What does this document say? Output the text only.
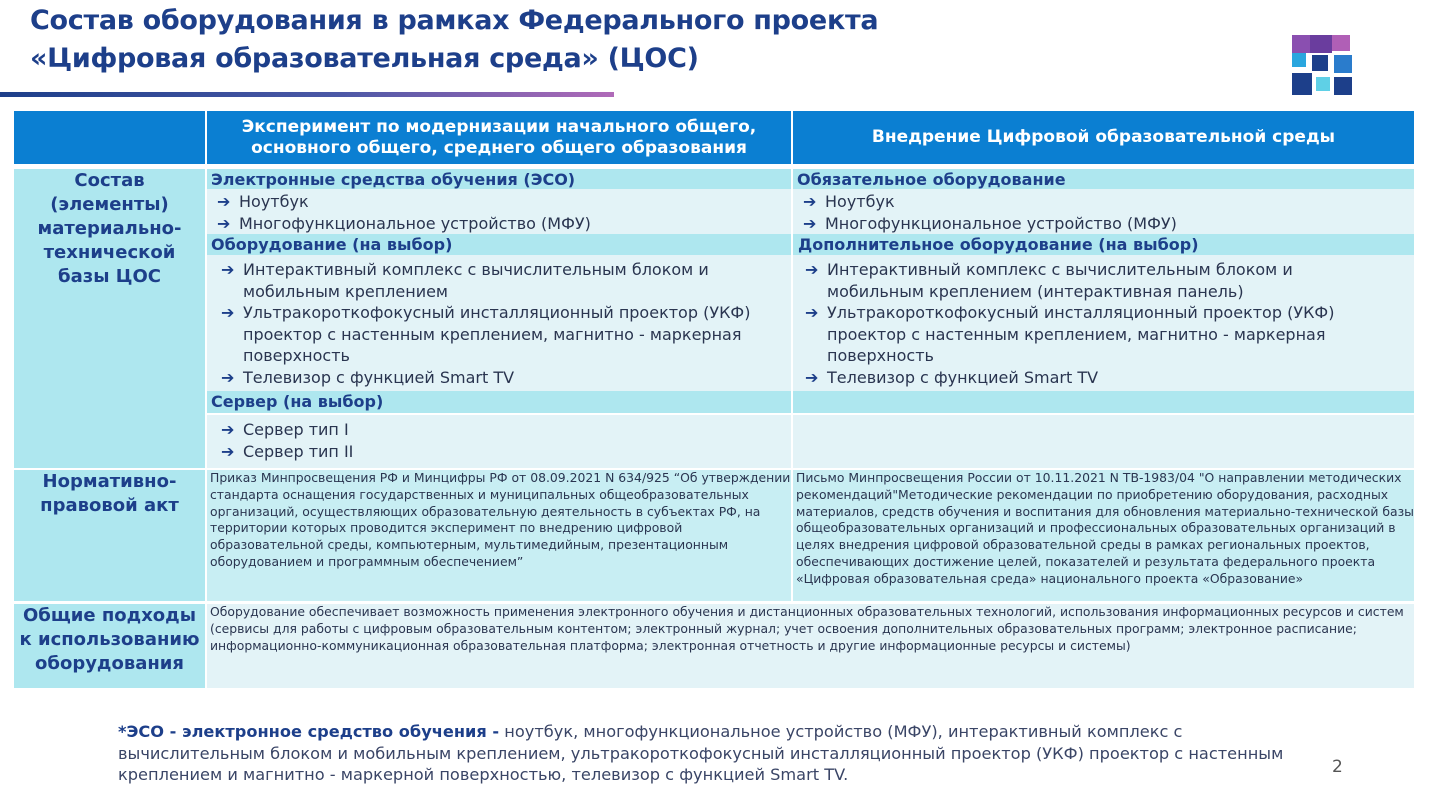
Состав оборудования в рамках Федерального проекта
«Цифровая образовательная среда» (ЦОС)
Эксперимент по модернизации начального общего, основного общего, среднего общего образования
Внедрение Цифровой образовательной среды
Состав (элементы) материально-технической базы ЦОС
Нормативно-правовой акт
Общие подходы к использованию оборудования
Электронные средства обучения (ЭСО)
➔ Ноутбук
➔ Многофункциональное устройство (МФУ)
Оборудование (на выбор)
➔ Интерактивный комплекс с вычислительным блоком и мобильным креплением
➔ Ультракороткофокусный инсталляционный проектор (УКФ) проектор с настенным креплением, магнитно - маркерная поверхность
➔ Телевизор с функцией Smart TV
Сервер (на выбор)
➔ Сервер тип I
➔ Сервер тип II
Приказ Минпросвещения РФ и Минцифры РФ от 08.09.2021 N 634/925 “Об утверждении стандарта оснащения государственных и муниципальных общеобразовательных организаций, осуществляющих образовательную деятельность в субъектах РФ, на территории которых проводится эксперимент по внедрению цифровой образовательной среды, компьютерным, мультимедийным, презентационным оборудованием и программным обеспечением”
Обязательное оборудование
➔ Ноутбук
➔ Многофункциональное устройство (МФУ)
Дополнительное оборудование (на выбор)
➔ Интерактивный комплекс с вычислительным блоком и мобильным креплением (интерактивная панель)
➔ Ультракороткофокусный инсталляционный проектор (УКФ) проектор с настенным креплением, магнитно - маркерная поверхность
➔ Телевизор с функцией Smart TV
Письмо Минпросвещения России от 10.11.2021 N ТВ-1983/04 "О направлении методических рекомендаций"Методические рекомендации по приобретению оборудования, расходных материалов, средств обучения и воспитания для обновления материально-технической базы общеобразовательных организаций и профессиональных образовательных организаций в целях внедрения цифровой образовательной среды в рамках региональных проектов, обеспечивающих достижение целей, показателей и результата федерального проекта «Цифровая образовательная среда» национального проекта «Образование»
Оборудование обеспечивает возможность применения электронного обучения и дистанционных образовательных технологий, использования информационных ресурсов и систем (сервисы для работы с цифровым образовательным контентом; электронный журнал; учет освоения дополнительных образовательных программ; электронное расписание; информационно-коммуникационная образовательная платформа; электронная отчетность и другие информационные ресурсы и системы)
*ЭСО - электронное средство обучения - ноутбук, многофункциональное устройство (МФУ), интерактивный комплекс с вычислительным блоком и мобильным креплением, ультракороткофокусный инсталляционный проектор (УКФ) проектор с настенным креплением и магнитно - маркерной поверхностью, телевизор с функцией Smart TV.	2
